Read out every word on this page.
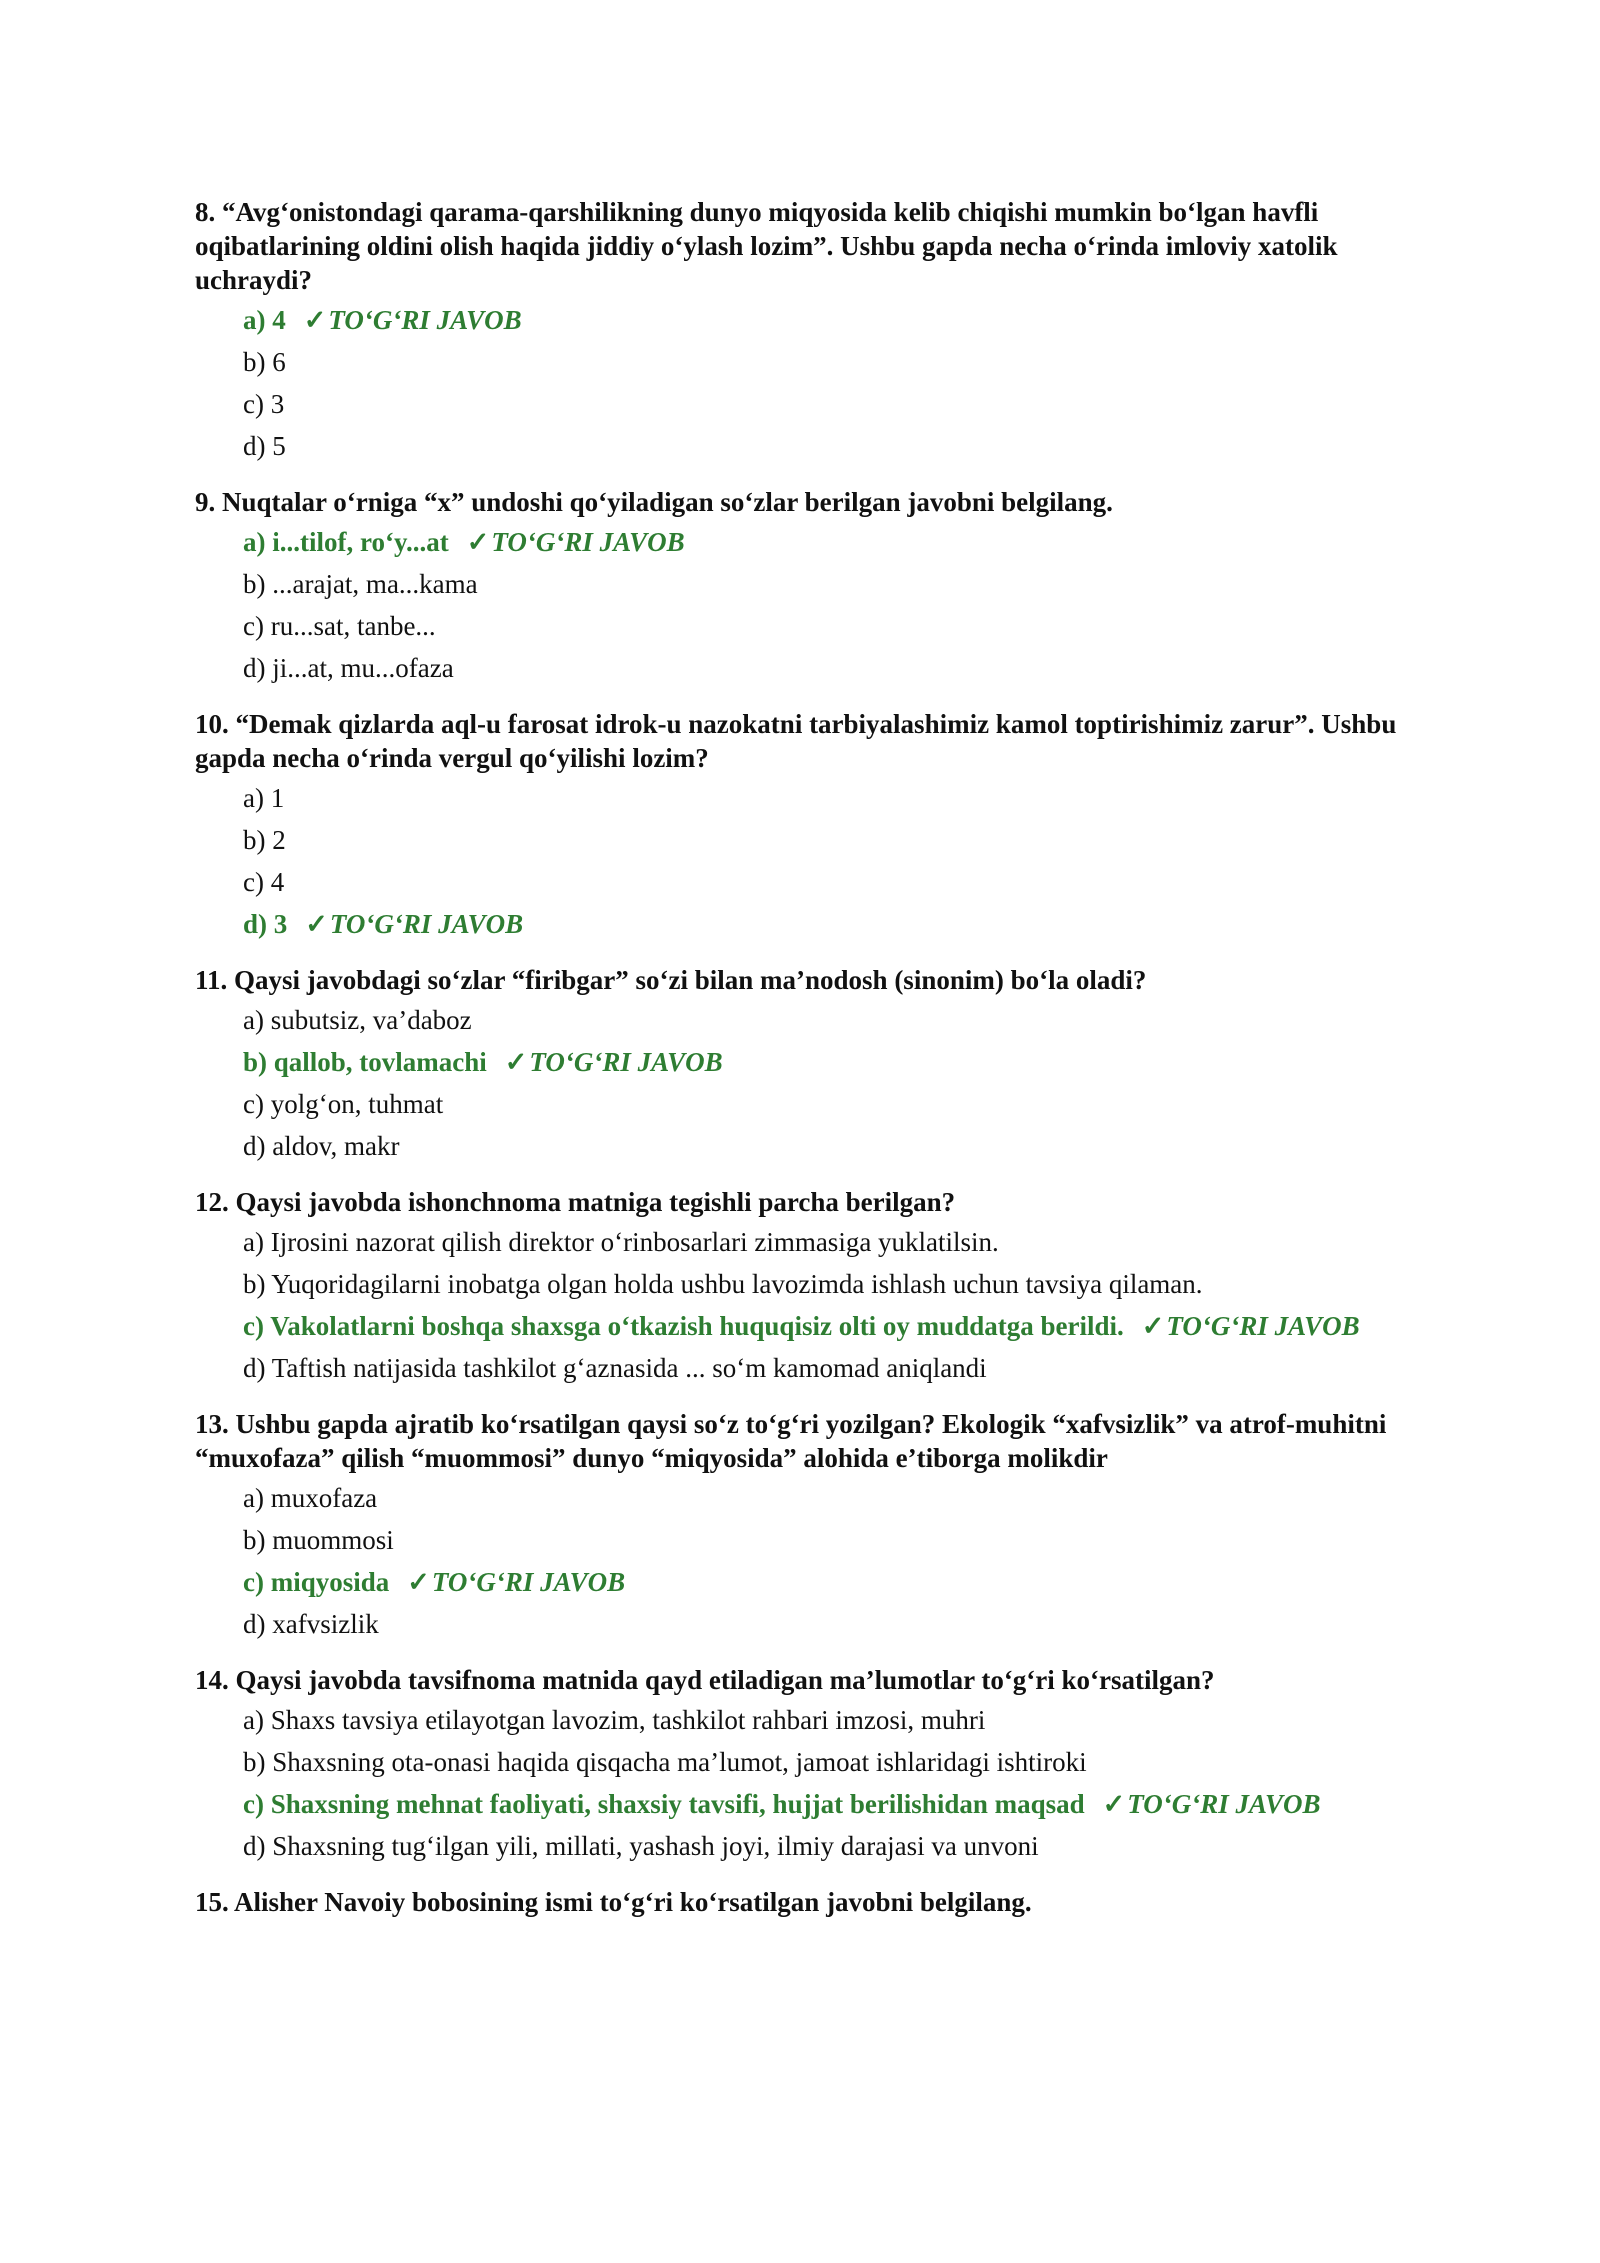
8. “Avg‘onistondagi qarama-qarshilikning dunyo miqyosida kelib chiqishi mumkin bo‘lgan havfli oqibatlarining oldini olish haqida jiddiy o‘ylash lozim”. Ushbu gapda necha o‘rinda imloviy xatolik uchraydi?

a) 4 ✓TO‘G‘RI JAVOB
b) 6
c) 3
d) 5

9. Nuqtalar o‘rniga “x” undoshi qo‘yiladigan so‘zlar berilgan javobni belgilang.

a) i...tilof, ro‘y...at ✓TO‘G‘RI JAVOB
b) ...arajat, ma...kama
c) ru...sat, tanbe...
d) ji...at, mu...ofaza

10. “Demak qizlarda aql-u farosat idrok-u nazokatni tarbiyalashimiz kamol toptirishimiz zarur”. Ushbu gapda necha o‘rinda vergul qo‘yilishi lozim?

a) 1
b) 2
c) 4
d) 3 ✓TO‘G‘RI JAVOB

11. Qaysi javobdagi so‘zlar “firibgar” so‘zi bilan ma’nodosh (sinonim) bo‘la oladi?

a) subutsiz, va’daboz
b) qallob, tovlamachi ✓TO‘G‘RI JAVOB
c) yolg‘on, tuhmat
d) aldov, makr

12. Qaysi javobda ishonchnoma matniga tegishli parcha berilgan?

a) Ijrosini nazorat qilish direktor o‘rinbosarlari zimmasiga yuklatilsin.
b) Yuqoridagilarni inobatga olgan holda ushbu lavozimda ishlash uchun tavsiya qilaman.
c) Vakolatlarni boshqa shaxsga o‘tkazish huquqisiz olti oy muddatga berildi. ✓TO‘G‘RI JAVOB
d) Taftish natijasida tashkilot g‘aznasida ... so‘m kamomad aniqlandi

13. Ushbu gapda ajratib ko‘rsatilgan qaysi so‘z to‘g‘ri yozilgan? Ekologik “xafvsizlik” va atrof-muhitni “muxofaza” qilish “muommosi” dunyo “miqyosida” alohida e’tiborga molikdir

a) muxofaza
b) muommosi
c) miqyosida ✓TO‘G‘RI JAVOB
d) xafvsizlik

14. Qaysi javobda tavsifnoma matnida qayd etiladigan ma’lumotlar to‘g‘ri ko‘rsatilgan?

a) Shaxs tavsiya etilayotgan lavozim, tashkilot rahbari imzosi, muhri
b) Shaxsning ota-onasi haqida qisqacha ma’lumot, jamoat ishlaridagi ishtiroki
c) Shaxsning mehnat faoliyati, shaxsiy tavsifi, hujjat berilishidan maqsad ✓TO‘G‘RI JAVOB
d) Shaxsning tug‘ilgan yili, millati, yashash joyi, ilmiy darajasi va unvoni

15. Alisher Navoiy bobosining ismi to‘g‘ri ko‘rsatilgan javobni belgilang.
